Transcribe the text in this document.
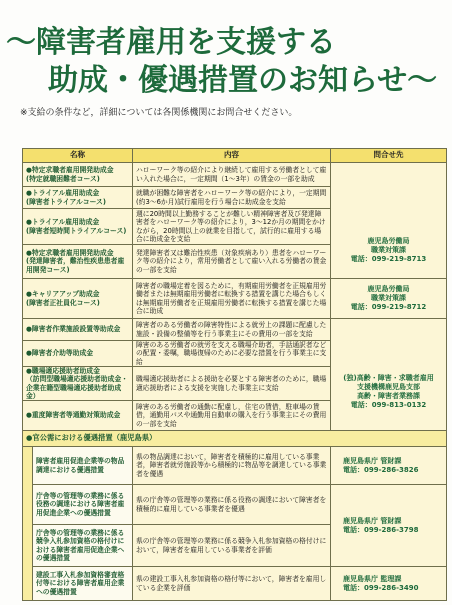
〜障害者雇用を支援する
助成・優遇措置のお知らせ〜
※支給の条件など，詳細については各関係機関にお問合せください。
名称	内容	問合せ先
●特定求職者雇用開発助成金
(特定就職困難者コース)
ハローワーク等の紹介により継続して雇用する労働者として雇い入れた場合に，一定期間（1〜3年）の賃金の一部を助成
●トライアル雇用助成金
(障害者トライアルコース)
就職が困難な障害者をハローワーク等の紹介により，一定期間(約3〜6か月)試行雇用を行う場合に助成金を支給
●トライアル雇用助成金
(障害者短時間トライアルコース)
週に20時間以上勤務することが難しい精神障害者及び発達障害者をハローワーク等の紹介により，3〜12か月の期間をかけながら，20時間以上の就業を目指して，試行的に雇用する場合に助成金を支給
●特定求職者雇用開発助成金
(発達障害者，難治性疾患患者雇用開発コース)
発達障害者又は難治性疾患（対象疾病あり）患者をハローワーク等の紹介により，常用労働者として雇い入れる労働者の賃金の一部を支給
●キャリアアップ助成金
(障害者正社員化コース)
障害者の職場定着を図るために，有期雇用労働者を正規雇用労働者または無期雇用労働者に転換する措置を講じた場合もしくは無期雇用労働者を正規雇用労働者に転換する措置を講じた場合に助成
●障害者作業施設設置等助成金
障害者のある労働者の障害特性による就労上の課題に配慮した施設・設備の整備等を行う事業主にその費用の一部を支給
●障害者介助等助成金
障害のある労働者の就労を支える職場介助者，手話通訳者などの配置・委嘱，職場復帰のために必要な措置を行う事業主に支給
●職場適応援助者助成金
（訪問型職場適応援助者助成金・企業在籍型職場適応援助者助成金）
職場適応援助者による援助を必要とする障害者のために，職場適応援助者による支援を実施した事業主に支給
●重度障害者等通勤対策助成金
障害のある労働者の通勤に配慮し，住宅の賃借，駐車場の賃借，通勤用バスや通勤用自動車の購入を行う事業主にその費用の一部を支給
鹿児島労働局
職業対策課
電話：099-219-8713
鹿児島労働局
職業対策課
電話：099-219-8712
(独)高齢・障害・求職者雇用
支援機構鹿児島支部
高齢・障害者業務課
電話：099-813-0132
●官公需における優遇措置（鹿児島県）
障害者雇用促進企業等の物品調達における優遇措置
県の物品調達において，障害者を積極的に雇用している事業者，障害者就労施設等から積極的に物品等を調達している事業者を優遇
庁舎等の管理等の業務に係る役務の調達における障害者雇用促進企業への優遇措置
県の庁舎等の管理等の業務に係る役務の調達において障害者を積極的に雇用している事業者を優遇
庁舎等の管理等の業務に係る競争入札参加資格の格付けにおける障害者雇用促進企業への優遇措置
県の庁舎等の管理等の業務に係る競争入札参加資格の格付けにおいて，障害者を雇用している事業者を評価
建設工事入札参加資格審査格付等における障害者雇用企業への優遇措置
県の建設工事入札参加資格の格付等において，障害者を雇用している企業を評価
鹿児島県庁 管財課
電話：099-286-3826
鹿児島県庁 管財課
電話：099-286-3798
鹿児島県庁 監理課
電話：099-286-3490
